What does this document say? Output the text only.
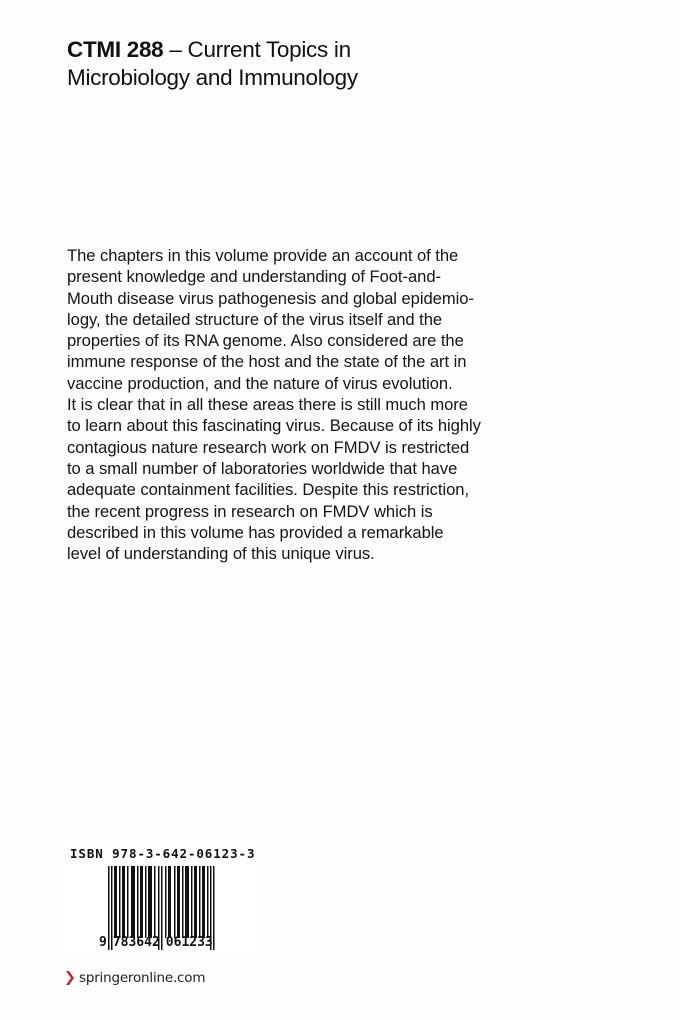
CTMI 288 – Current Topics in
Microbiology and Immunology
The chapters in this volume provide an account of the
present knowledge and understanding of Foot-and-
Mouth disease virus pathogenesis and global epidemio-
logy, the detailed structure of the virus itself and the
properties of its RNA genome. Also considered are the
immune response of the host and the state of the art in
vaccine production, and the nature of virus evolution.
It is clear that in all these areas there is still much more
to learn about this fascinating virus. Because of its highly
contagious nature research work on FMDV is restricted
to a small number of laboratories worldwide that have
adequate containment facilities. Despite this restriction,
the recent progress in research on FMDV which is
described in this volume has provided a remarkable
level of understanding of this unique virus.
ISBN 978-3-642-06123-3
9 783642 061233
springeronline.com
